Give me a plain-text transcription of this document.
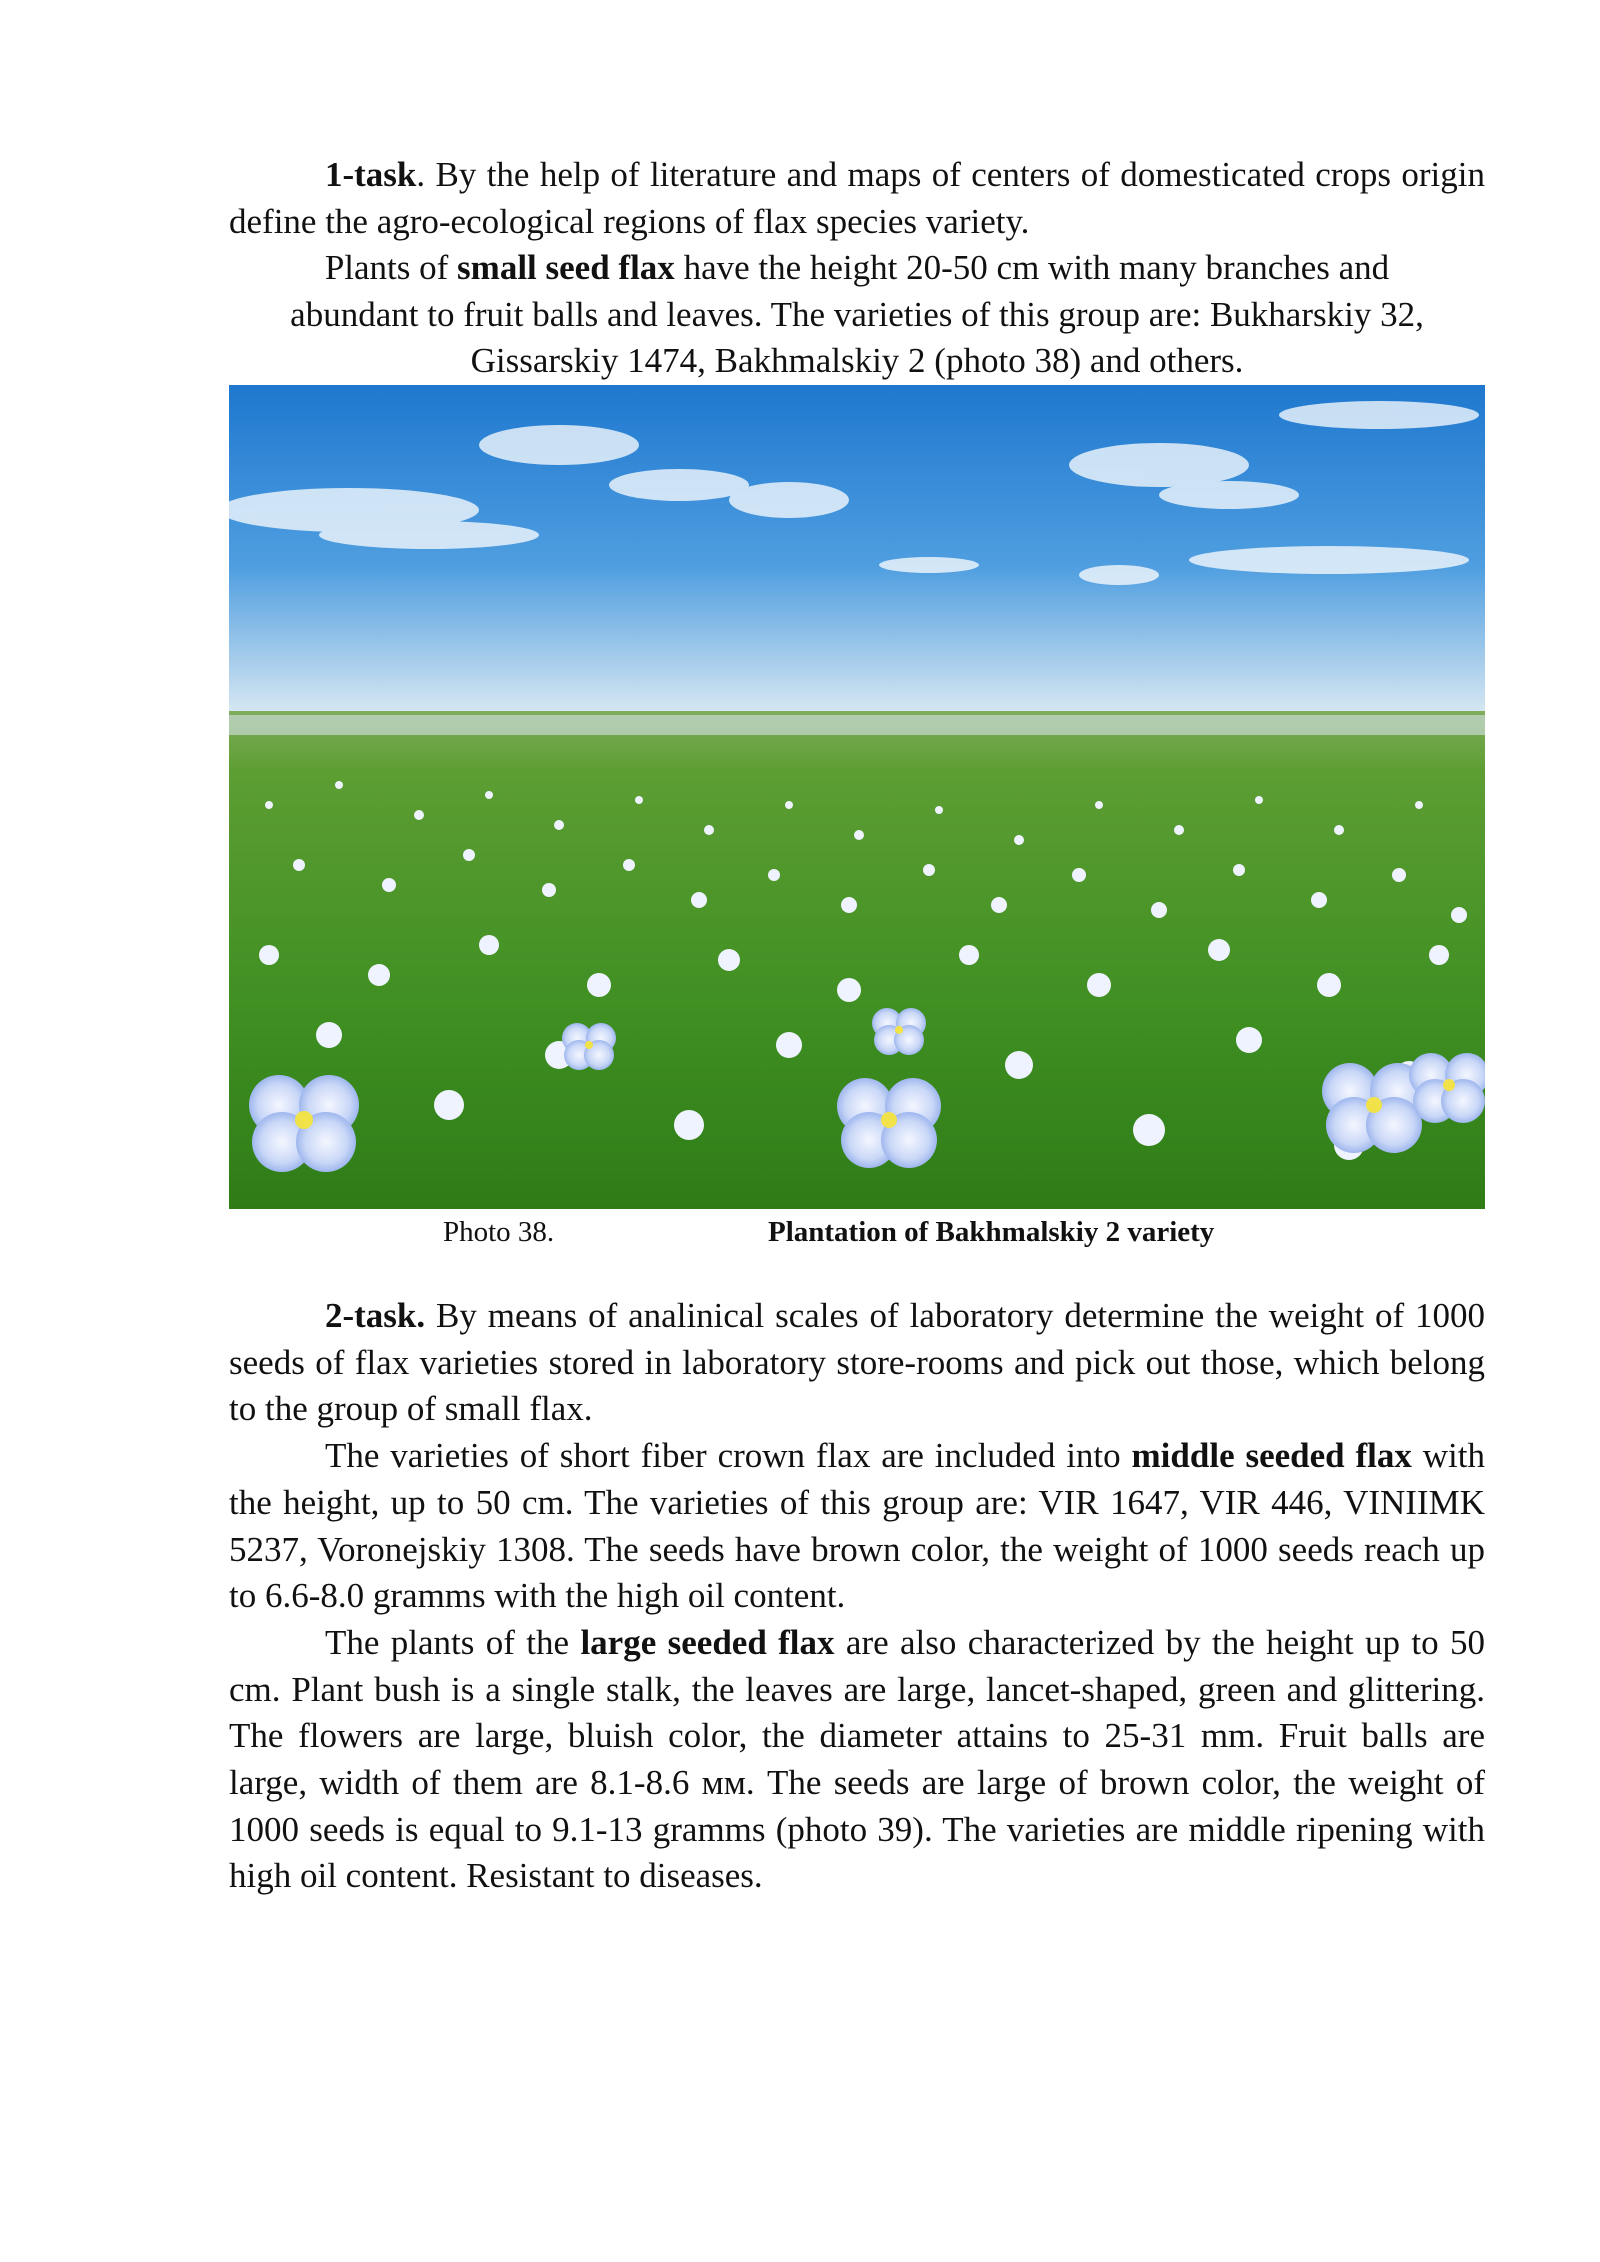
1-task. By the help of literature and maps of centers of domesticated crops origin define the agro-ecological regions of flax species variety.

Plants of small seed flax have the height 20-50 cm with many branches and

abundant to fruit balls and leaves. The varieties of this group are: Bukharskiy 32,

Gissarskiy 1474, Bakhmalskiy 2 (photo 38) and others.

Photo 38.	Plantation of Bakhmalskiy 2 variety

2-task. By means of analinical scales of laboratory determine the weight of 1000 seeds of flax varieties stored in laboratory store-rooms and pick out those, which belong to the group of small flax.

The varieties of short fiber crown flax are included into middle seeded flax with the height, up to 50 cm. The varieties of this group are: VIR 1647, VIR 446, VINIIMK 5237, Voronejskiy 1308. The seeds have brown color, the weight of 1000 seeds reach up to 6.6-8.0 gramms with the high oil content.

The plants of the large seeded flax are also characterized by the height up to 50 cm. Plant bush is a single stalk, the leaves are large, lancet-shaped, green and glittering. The flowers are large, bluish color, the diameter attains to 25-31 mm. Fruit balls are large, width of them are 8.1-8.6 мм. The seeds are large of brown color, the weight of 1000 seeds is equal to 9.1-13 gramms (photo 39). The varieties are middle ripening with high oil content. Resistant to diseases.
